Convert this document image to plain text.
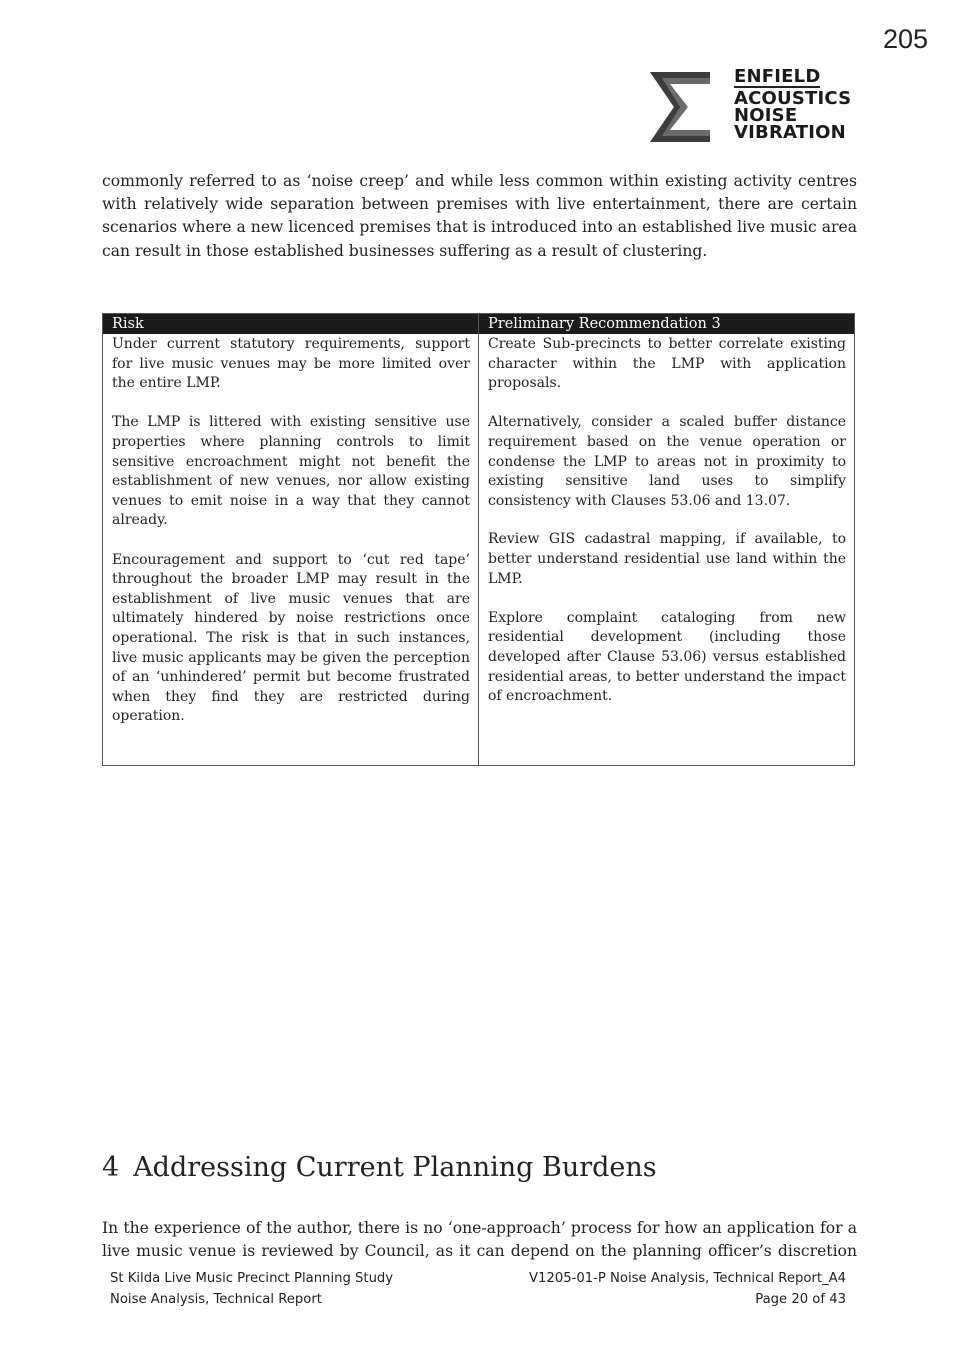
205
ENFIELD
ACOUSTICS
NOISE
VIBRATION

commonly referred to as ‘noise creep’ and while less common within existing activity centres with relatively wide separation between premises with live entertainment, there are certain scenarios where a new licenced premises that is introduced into an established live music area can result in those established businesses suffering as a result of clustering.

Risk	Preliminary Recommendation 3

Under current statutory requirements, support for live music venues may be more limited over the entire LMP.

The LMP is littered with existing sensitive use properties where planning controls to limit sensitive encroachment might not benefit the establishment of new venues, nor allow existing venues to emit noise in a way that they cannot already.

Encouragement and support to ‘cut red tape’ throughout the broader LMP may result in the establishment of live music venues that are ultimately hindered by noise restrictions once operational. The risk is that in such instances, live music applicants may be given the perception of an ‘unhindered’ permit but become frustrated when they find they are restricted during operation.

Create Sub-precincts to better correlate existing character within the LMP with application proposals.

Alternatively, consider a scaled buffer distance requirement based on the venue operation or condense the LMP to areas not in proximity to existing sensitive land uses to simplify consistency with Clauses 53.06 and 13.07.

Review GIS cadastral mapping, if available, to better understand residential use land within the LMP.

Explore complaint cataloging from new residential development (including those developed after Clause 53.06) versus established residential areas, to better understand the impact of encroachment.

4 Addressing Current Planning Burdens

In the experience of the author, there is no ‘one-approach’ process for how an application for a live music venue is reviewed by Council, as it can depend on the planning officer’s discretion

St Kilda Live Music Precinct Planning Study
Noise Analysis, Technical Report
V1205-01-P Noise Analysis, Technical Report_A4
Page 20 of 43
